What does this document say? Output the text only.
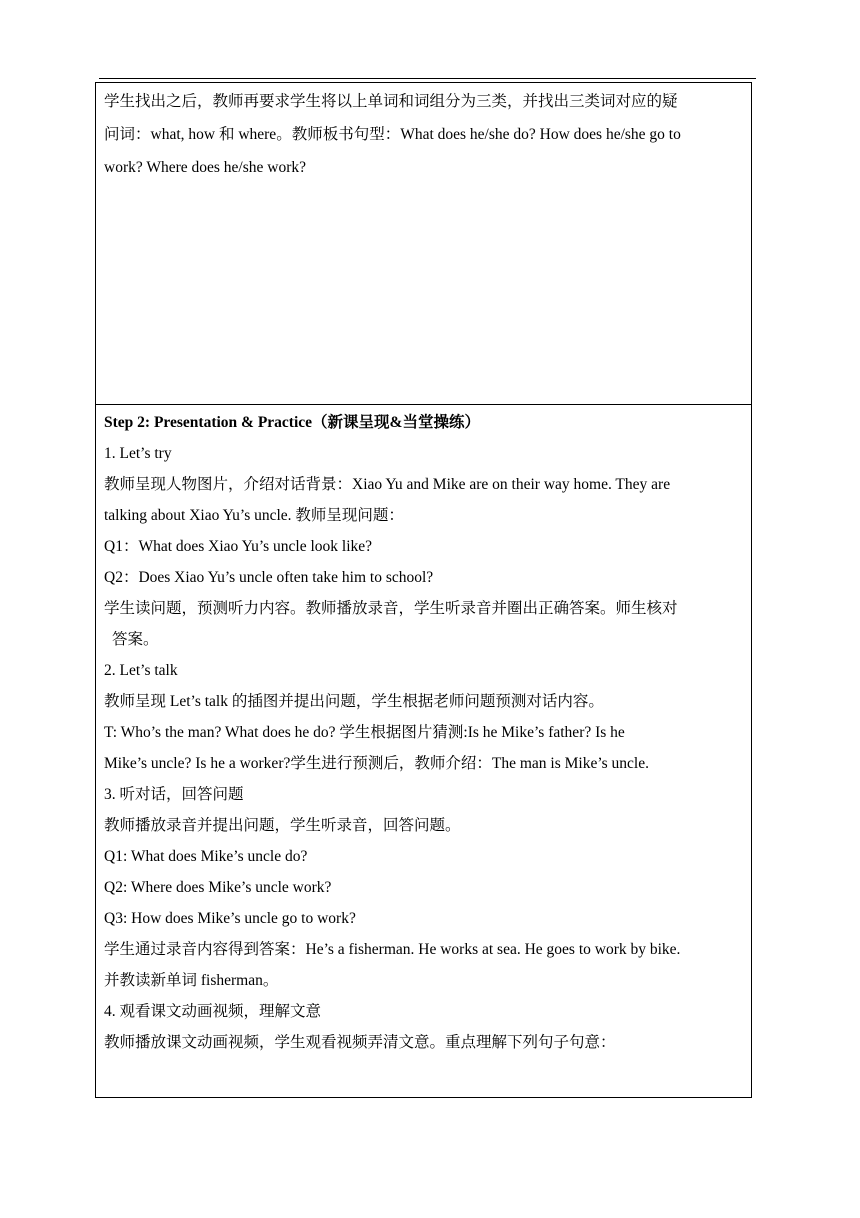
学生找出之后，教师再要求学生将以上单词和词组分为三类，并找出三类词对应的疑
问词：what, how 和 where。教师板书句型：What does he/she do? How does he/she go to
work? Where does he/she work?
Step 2: Presentation & Practice（新课呈现&当堂操练）
1. Let’s try
教师呈现人物图片，介绍对话背景：Xiao Yu and Mike are on their way home. They are
talking about Xiao Yu’s uncle. 教师呈现问题：
Q1：What does Xiao Yu’s uncle look like?
Q2：Does Xiao Yu’s uncle often take him to school?
学生读问题，预测听力内容。教师播放录音，学生听录音并圈出正确答案。师生核对
答案。
2. Let’s talk
教师呈现 Let’s talk 的插图并提出问题，学生根据老师问题预测对话内容。
T: Who’s the man? What does he do? 学生根据图片猜测:Is he Mike’s father? Is he
Mike’s uncle? Is he a worker?学生进行预测后，教师介绍：The man is Mike’s uncle.
3. 听对话，回答问题
教师播放录音并提出问题，学生听录音，回答问题。
Q1: What does Mike’s uncle do?
Q2: Where does Mike’s uncle work?
Q3: How does Mike’s uncle go to work?
学生通过录音内容得到答案：He’s a fisherman. He works at sea. He goes to work by bike.
并教读新单词 fisherman。
4. 观看课文动画视频，理解文意
教师播放课文动画视频，学生观看视频弄清文意。重点理解下列句子句意：
